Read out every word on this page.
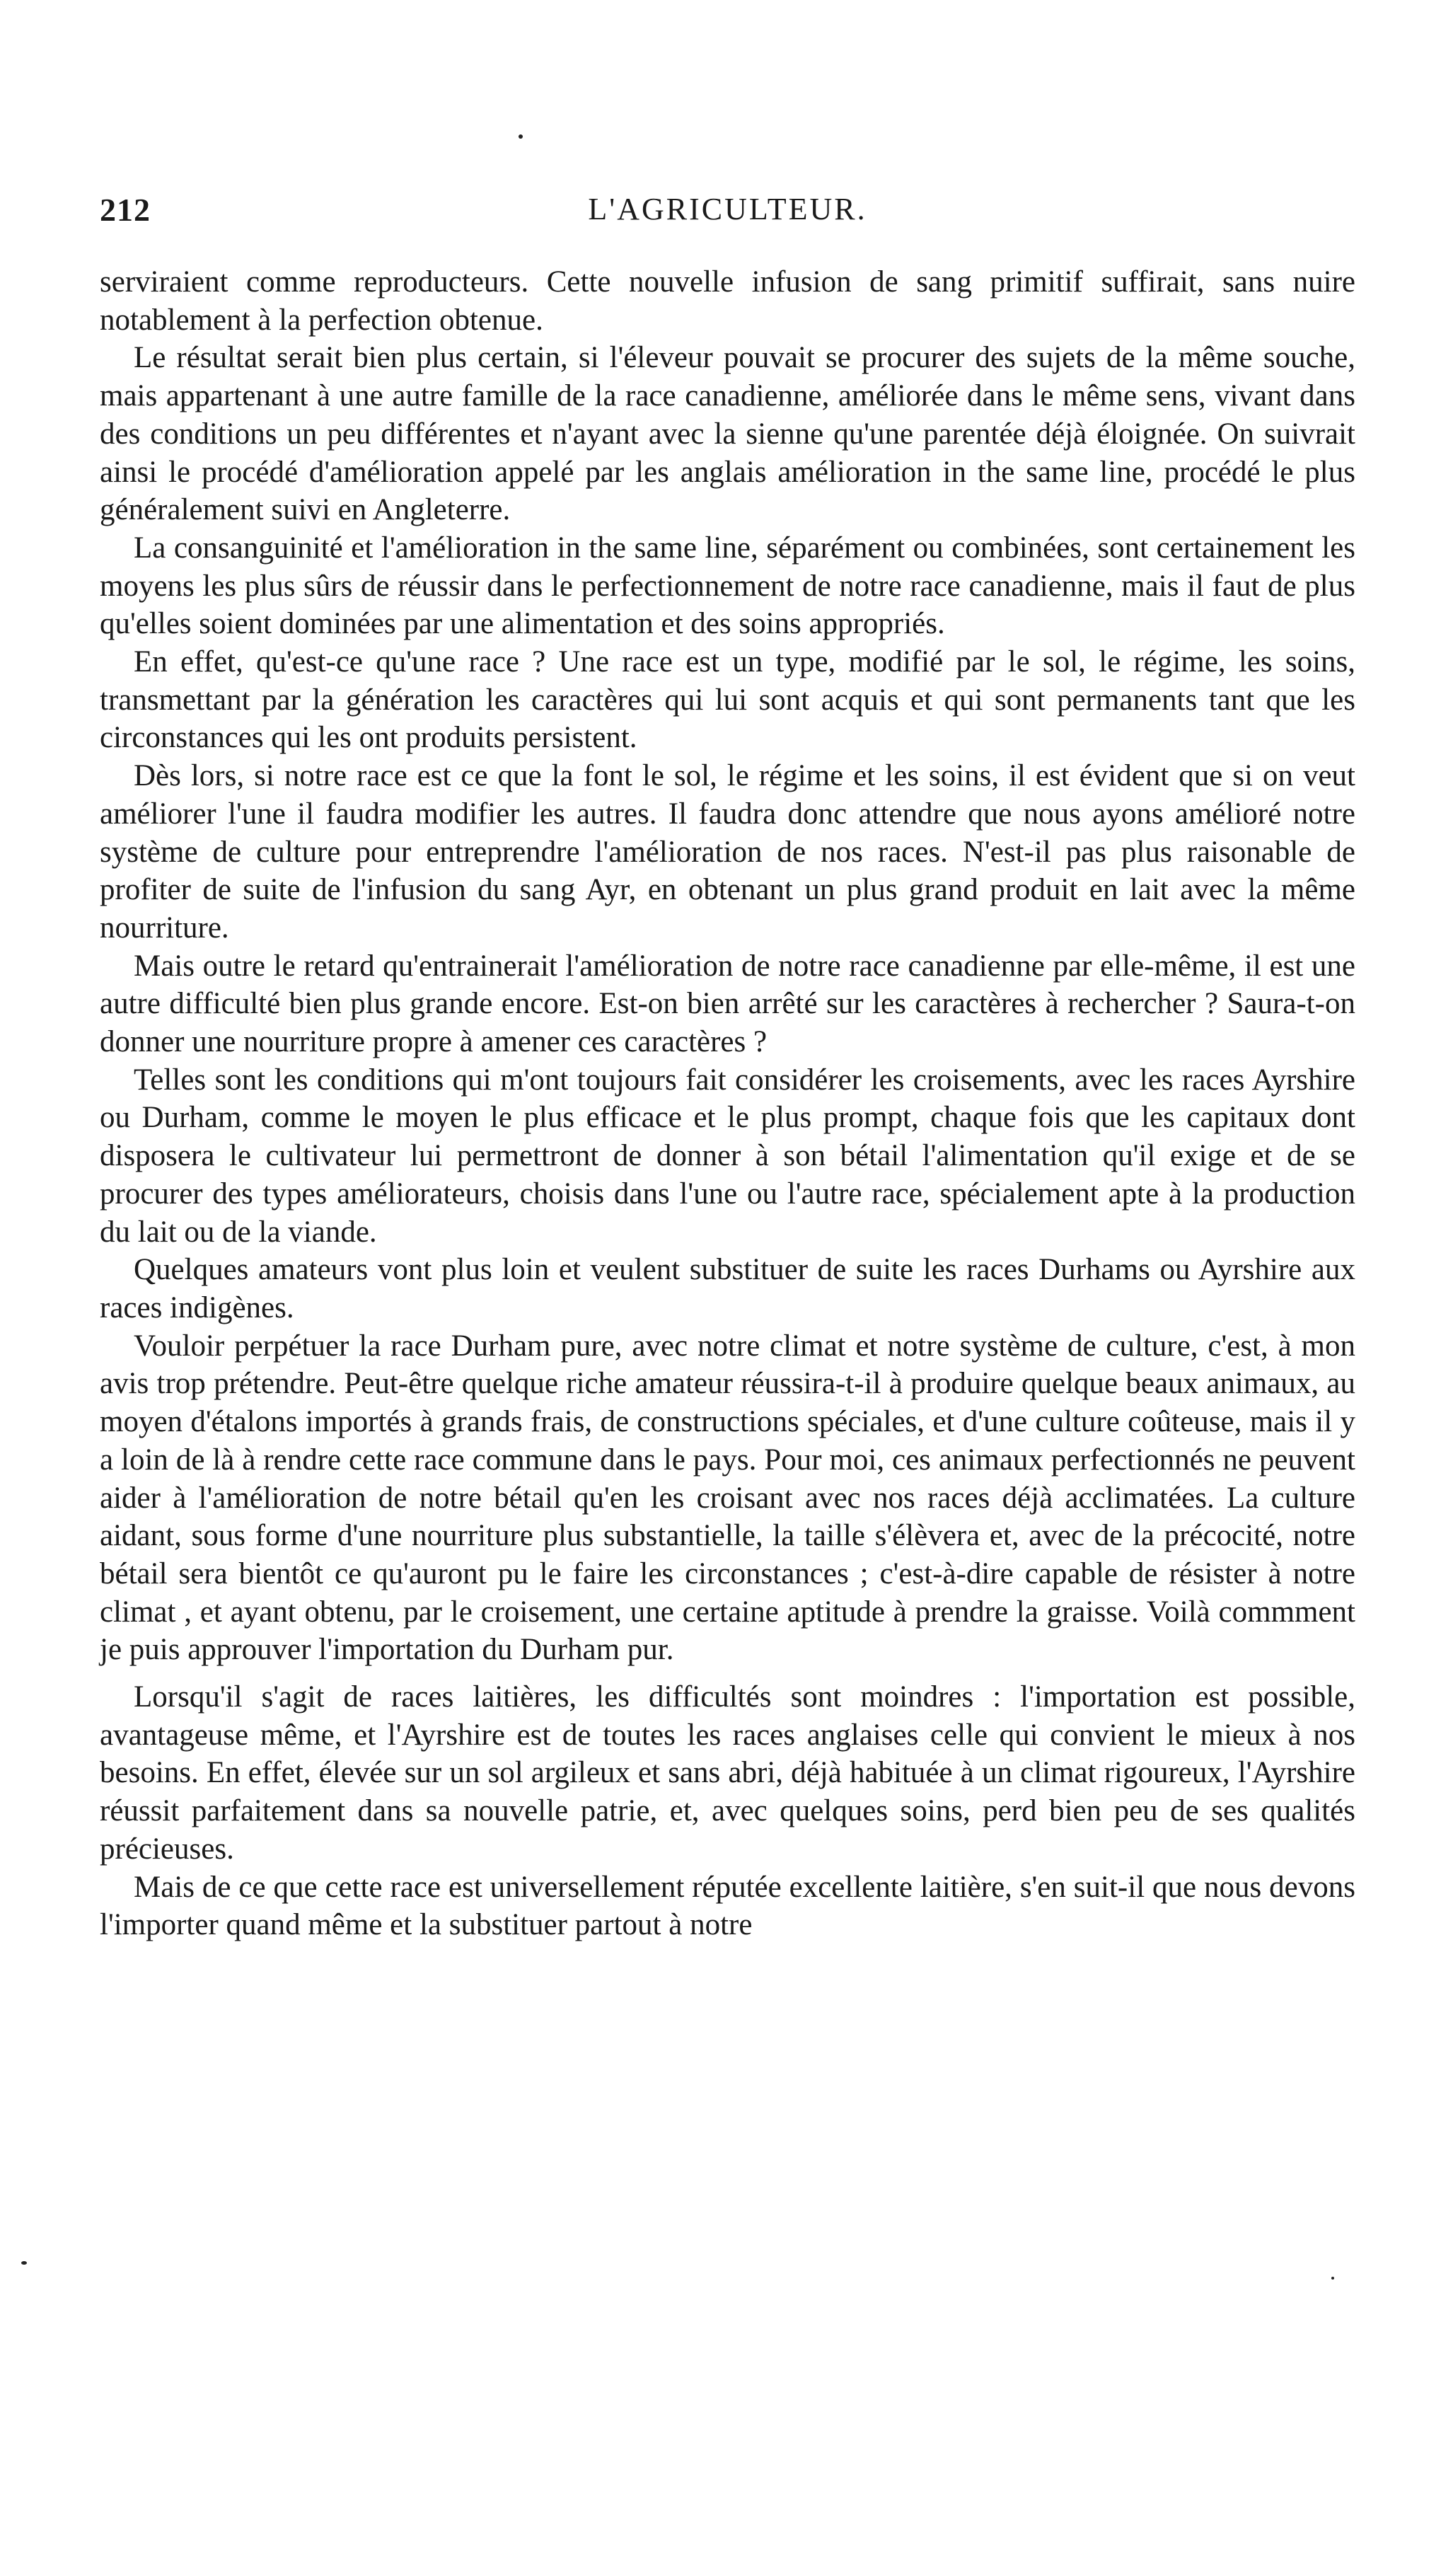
212	L'AGRICULTEUR.

serviraient comme reproducteurs. Cette nouvelle infusion de sang primitif suffirait, sans nuire notablement à la perfection obtenue.

Le résultat serait bien plus certain, si l'éleveur pouvait se procurer des sujets de la même souche, mais appartenant à une autre famille de la race canadienne, améliorée dans le même sens, vivant dans des conditions un peu différentes et n'ayant avec la sienne qu'une parentée déjà éloignée. On suivrait ainsi le procédé d'amélioration appelé par les anglais amélioration in the same line, procédé le plus généralement suivi en Angleterre.

La consanguinité et l'amélioration in the same line, séparément ou combinées, sont certainement les moyens les plus sûrs de réussir dans le perfectionnement de notre race canadienne, mais il faut de plus qu'elles soient dominées par une alimentation et des soins appropriés.

En effet, qu'est-ce qu'une race ? Une race est un type, modifié par le sol, le régime, les soins, transmettant par la génération les caractères qui lui sont acquis et qui sont permanents tant que les circonstances qui les ont produits persistent.

Dès lors, si notre race est ce que la font le sol, le régime et les soins, il est évident que si on veut améliorer l'une il faudra modifier les autres. Il faudra donc attendre que nous ayons amélioré notre système de culture pour entreprendre l'amélioration de nos races. N'est-il pas plus raisonable de profiter de suite de l'infusion du sang Ayr, en obtenant un plus grand produit en lait avec la même nourriture.

Mais outre le retard qu'entrainerait l'amélioration de notre race canadienne par elle-même, il est une autre difficulté bien plus grande encore. Est-on bien arrêté sur les caractères à rechercher ? Saura-t-on donner une nourriture propre à amener ces caractères ?

Telles sont les conditions qui m'ont toujours fait considérer les croisements, avec les races Ayrshire ou Durham, comme le moyen le plus efficace et le plus prompt, chaque fois que les capitaux dont disposera le cultivateur lui permettront de donner à son bétail l'alimentation qu'il exige et de se procurer des types améliorateurs, choisis dans l'une ou l'autre race, spécialement apte à la production du lait ou de la viande.

Quelques amateurs vont plus loin et veulent substituer de suite les races Durhams ou Ayrshire aux races indigènes.

Vouloir perpétuer la race Durham pure, avec notre climat et notre système de culture, c'est, à mon avis trop prétendre. Peut-être quelque riche amateur réussira-t-il à produire quelque beaux animaux, au moyen d'étalons importés à grands frais, de constructions spéciales, et d'une culture coûteuse, mais il y a loin de là à rendre cette race commune dans le pays. Pour moi, ces animaux perfectionnés ne peuvent aider à l'amélioration de notre bétail qu'en les croisant avec nos races déjà acclimatées. La culture aidant, sous forme d'une nourriture plus substantielle, la taille s'élèvera et, avec de la précocité, notre bétail sera bientôt ce qu'auront pu le faire les circonstances ; c'est-à-dire capable de résister à notre climat , et ayant obtenu, par le croisement, une certaine aptitude à prendre la graisse. Voilà commment je puis approuver l'importation du Durham pur.

Lorsqu'il s'agit de races laitières, les difficultés sont moindres : l'importation est possible, avantageuse même, et l'Ayrshire est de toutes les races anglaises celle qui convient le mieux à nos besoins. En effet, élevée sur un sol argileux et sans abri, déjà habituée à un climat rigoureux, l'Ayrshire réussit parfaitement dans sa nouvelle patrie, et, avec quelques soins, perd bien peu de ses qualités précieuses.

Mais de ce que cette race est universellement réputée excellente laitière, s'en suit-il que nous devons l'importer quand même et la substituer partout à notre
